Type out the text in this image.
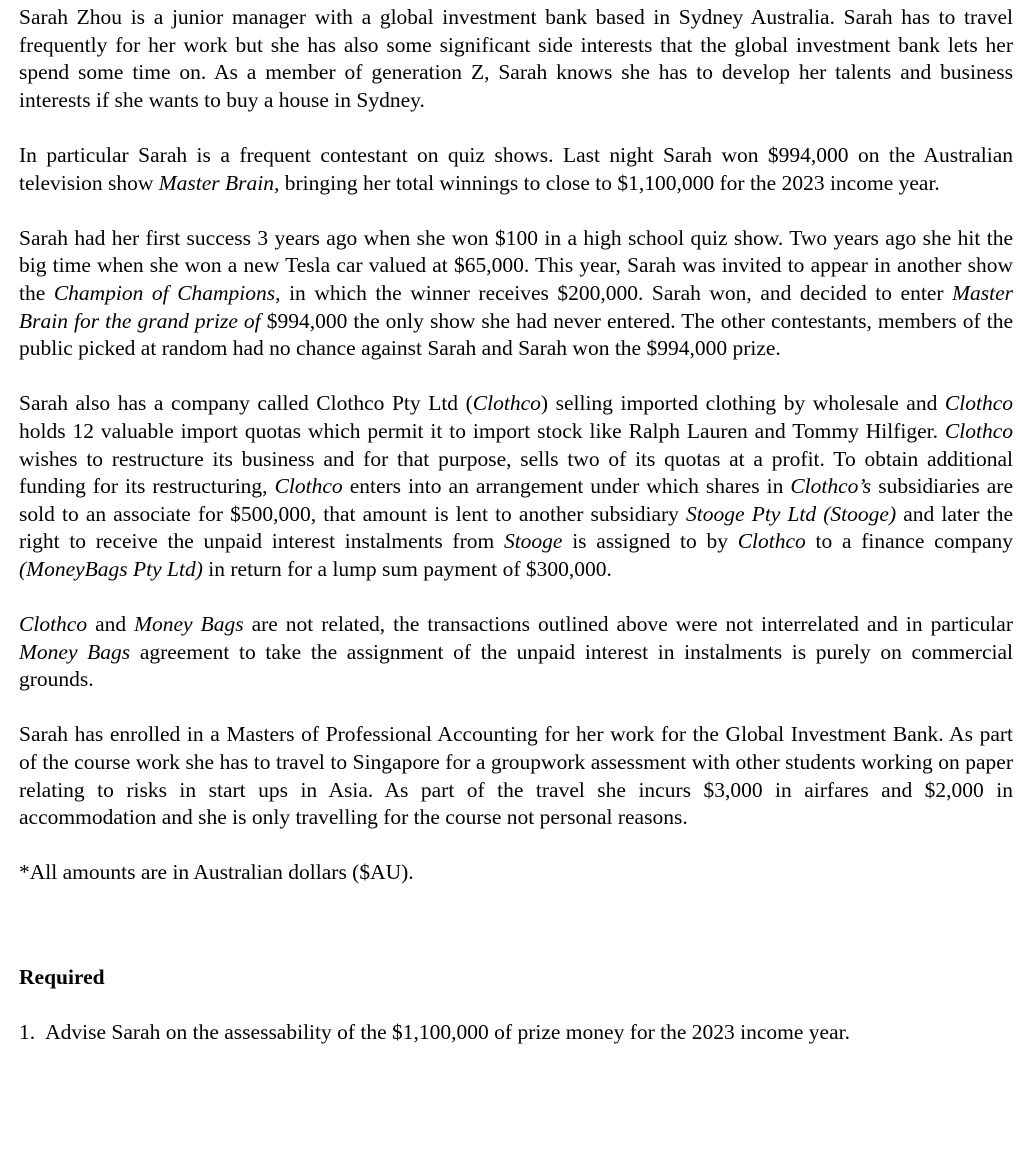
Sarah Zhou is a junior manager with a global investment bank based in Sydney Australia. Sarah has to travel frequently for her work but she has also some significant side interests that the global investment bank lets her spend some time on. As a member of generation Z, Sarah knows she has to develop her talents and business interests if she wants to buy a house in Sydney.

In particular Sarah is a frequent contestant on quiz shows. Last night Sarah won $994,000 on the Australian television show Master Brain, bringing her total winnings to close to $1,100,000 for the 2023 income year.

Sarah had her first success 3 years ago when she won $100 in a high school quiz show. Two years ago she hit the big time when she won a new Tesla car valued at $65,000. This year, Sarah was invited to appear in another show the Champion of Champions, in which the winner receives $200,000. Sarah won, and decided to enter Master Brain for the grand prize of $994,000 the only show she had never entered. The other contestants, members of the public picked at random had no chance against Sarah and Sarah won the $994,000 prize.

Sarah also has a company called Clothco Pty Ltd (Clothco) selling imported clothing by wholesale and Clothco holds 12 valuable import quotas which permit it to import stock like Ralph Lauren and Tommy Hilfiger. Clothco wishes to restructure its business and for that purpose, sells two of its quotas at a profit. To obtain additional funding for its restructuring, Clothco enters into an arrangement under which shares in Clothco’s subsidiaries are sold to an associate for $500,000, that amount is lent to another subsidiary Stooge Pty Ltd (Stooge) and later the right to receive the unpaid interest instalments from Stooge is assigned to by Clothco to a finance company (MoneyBags Pty Ltd) in return for a lump sum payment of $300,000.

Clothco and Money Bags are not related, the transactions outlined above were not interrelated and in particular Money Bags agreement to take the assignment of the unpaid interest in instalments is purely on commercial grounds.

Sarah has enrolled in a Masters of Professional Accounting for her work for the Global Investment Bank. As part of the course work she has to travel to Singapore for a groupwork assessment with other students working on paper relating to risks in start ups in Asia. As part of the travel she incurs $3,000 in airfares and $2,000 in accommodation and she is only travelling for the course not personal reasons.

*All amounts are in Australian dollars ($AU).

Required

1. Advise Sarah on the assessability of the $1,100,000 of prize money for the 2023 income year.
